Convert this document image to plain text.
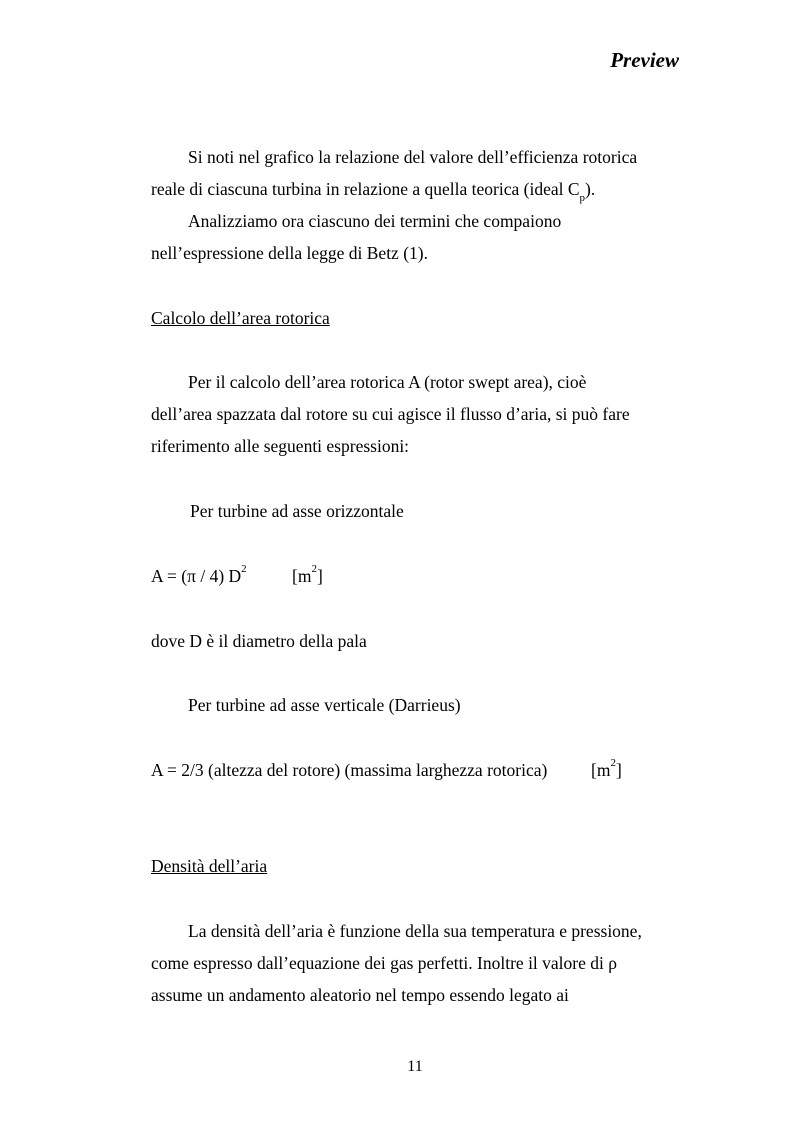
Preview
Si noti nel grafico la relazione del valore dell’efficienza rotorica
reale di ciascuna turbina in relazione a quella teorica (ideal $C_p$).
Analizziamo ora ciascuno dei termini che compaiono
nell’espressione della legge di Betz (1).
Calcolo dell’area rotorica
Per il calcolo dell’area rotorica A (rotor swept area), cioè
dell’area spazzata dal rotore su cui agisce il flusso d’aria, si può fare
riferimento alle seguenti espressioni:
Per turbine ad asse orizzontale
A = (π / 4) $D^2$	$[m^2]$
dove D è il diametro della pala
Per turbine ad asse verticale (Darrieus)
A = 2/3 (altezza del rotore) (massima larghezza rotorica) $[m^2]$
Densità dell’aria
La densità dell’aria è funzione della sua temperatura e pressione,
come espresso dall’equazione dei gas perfetti. Inoltre il valore di ρ
assume un andamento aleatorio nel tempo essendo legato ai
11
